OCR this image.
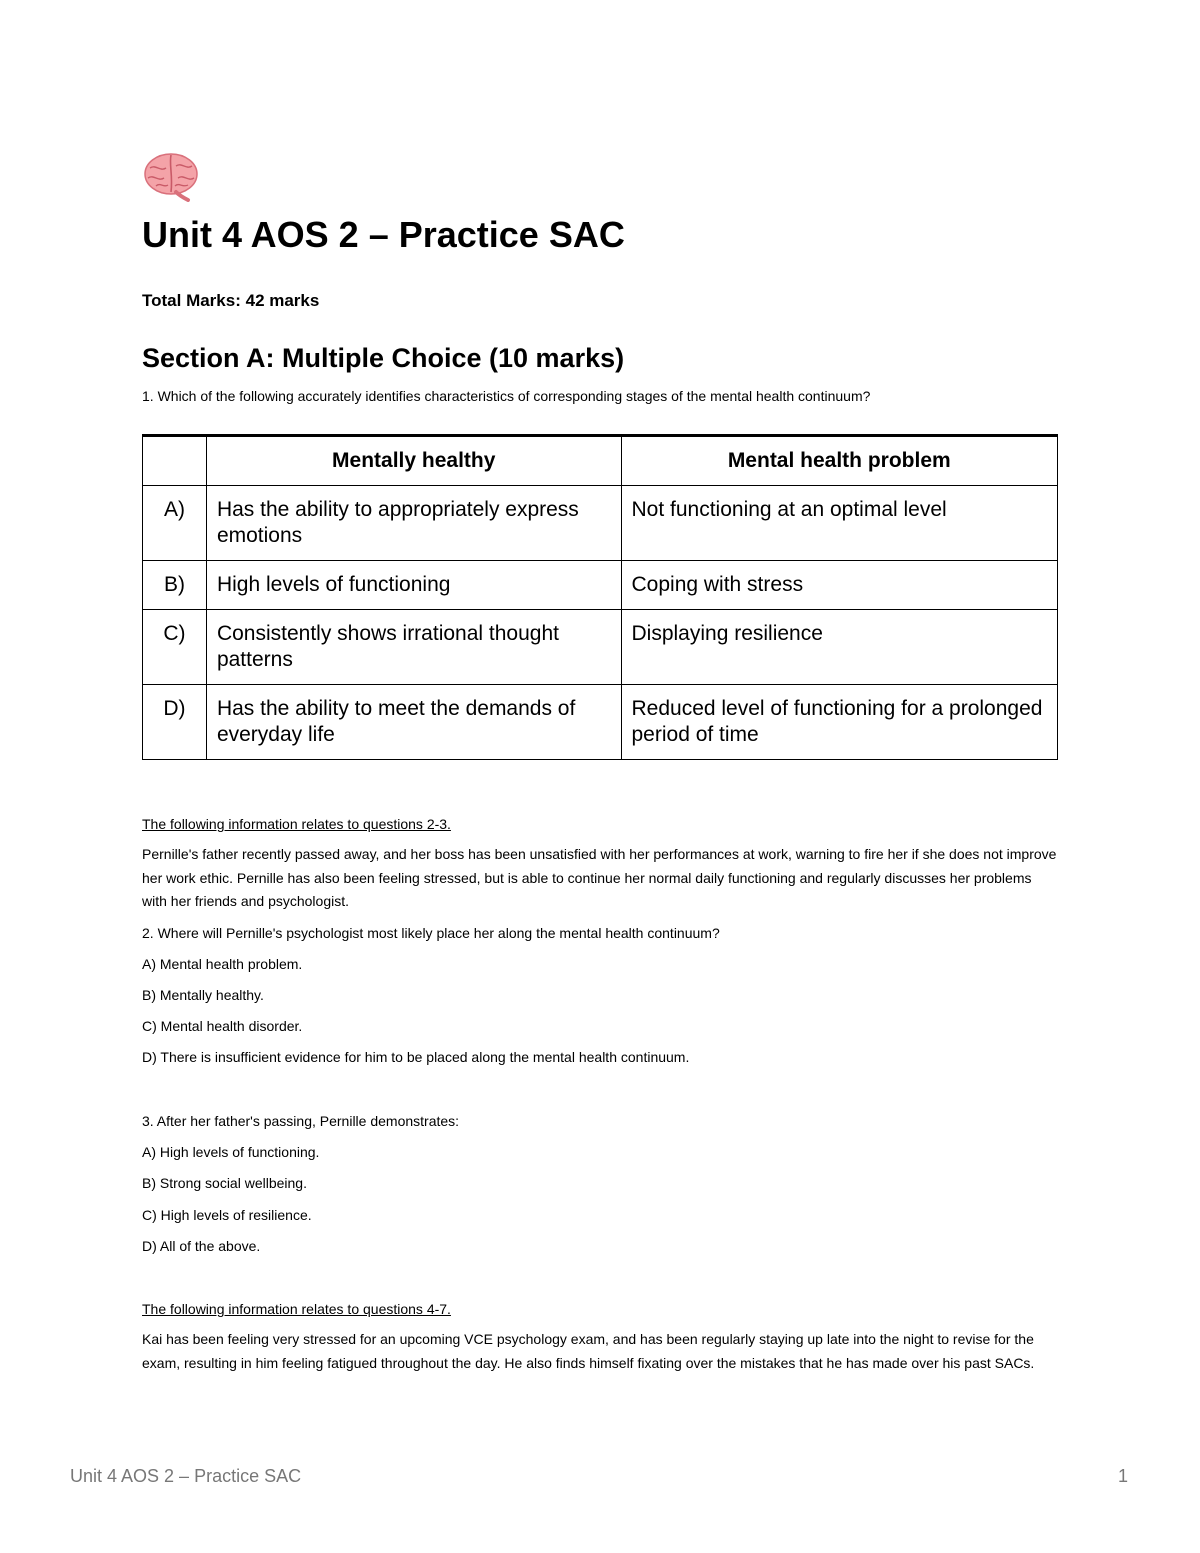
Unit 4 AOS 2 – Practice SAC
Total Marks: 42 marks
Section A: Multiple Choice (10 marks)
1. Which of the following accurately identifies characteristics of corresponding stages of the mental health continuum?
	Mentally healthy	Mental health problem
A)	Has the ability to appropriately express emotions	Not functioning at an optimal level
B)	High levels of functioning	Coping with stress
C)	Consistently shows irrational thought patterns	Displaying resilience
D)	Has the ability to meet the demands of everyday life	Reduced level of functioning for a prolonged period of time
The following information relates to questions 2-3.
Pernille's father recently passed away, and her boss has been unsatisfied with her performances at work, warning to fire her if she does not improve her work ethic. Pernille has also been feeling stressed, but is able to continue her normal daily functioning and regularly discusses her problems with her friends and psychologist.
2. Where will Pernille's psychologist most likely place her along the mental health continuum?
A) Mental health problem.
B) Mentally healthy.
C) Mental health disorder.
D) There is insufficient evidence for him to be placed along the mental health continuum.
3. After her father's passing, Pernille demonstrates:
A) High levels of functioning.
B) Strong social wellbeing.
C) High levels of resilience.
D) All of the above.
The following information relates to questions 4-7.
Kai has been feeling very stressed for an upcoming VCE psychology exam, and has been regularly staying up late into the night to revise for the exam, resulting in him feeling fatigued throughout the day. He also finds himself fixating over the mistakes that he has made over his past SACs.
Unit 4 AOS 2 – Practice SAC	1
